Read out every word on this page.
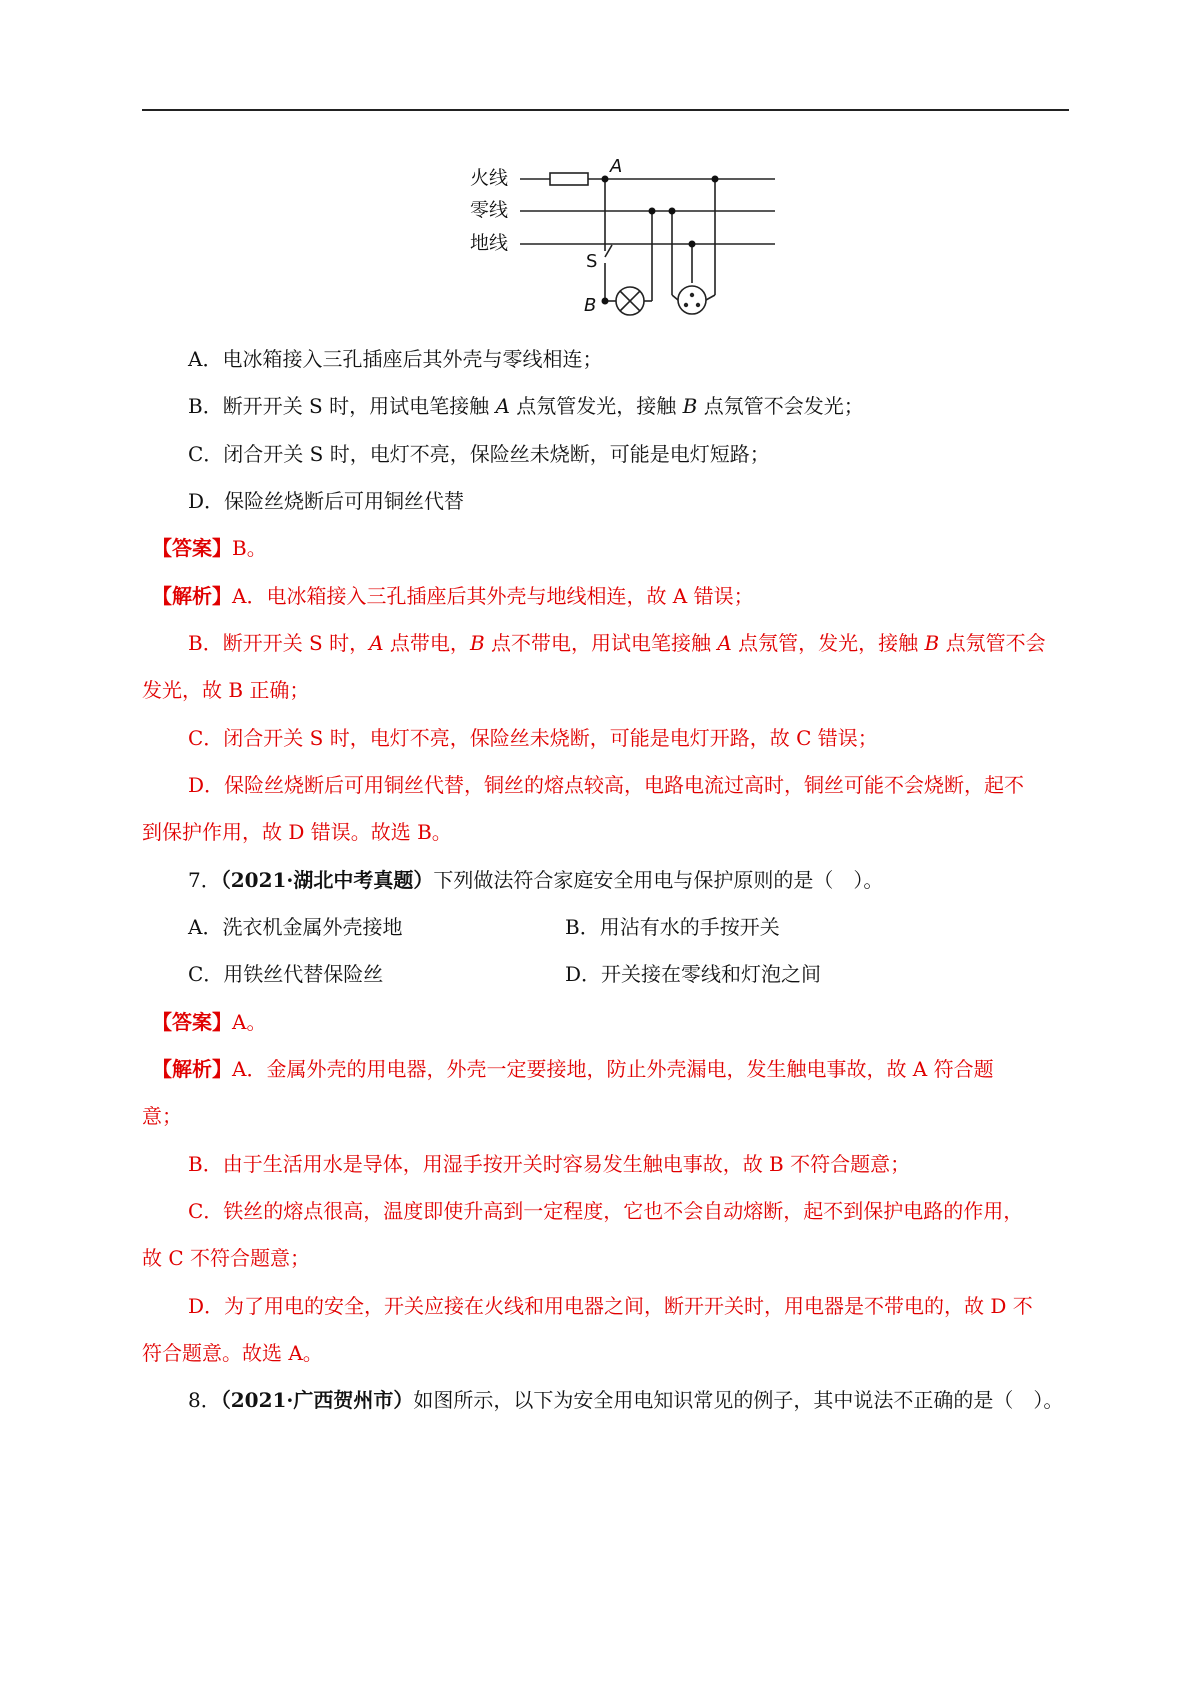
火线
零线
地线
A
S
B
A．电冰箱接入三孔插座后其外壳与零线相连；
B．断开开关 S 时，用试电笔接触 A 点氖管发光，接触 B 点氖管不会发光；
C．闭合开关 S 时，电灯不亮，保险丝未烧断，可能是电灯短路；
D．保险丝烧断后可用铜丝代替
【答案】B。
【解析】A．电冰箱接入三孔插座后其外壳与地线相连，故 A 错误；
B．断开开关 S 时，A 点带电，B 点不带电，用试电笔接触 A 点氖管，发光，接触 B 点氖管不会
发光，故 B 正确；
C．闭合开关 S 时，电灯不亮，保险丝未烧断，可能是电灯开路，故 C 错误；
D．保险丝烧断后可用铜丝代替，铜丝的熔点较高，电路电流过高时，铜丝可能不会烧断，起不
到保护作用，故 D 错误。故选 B。
7．（2021·湖北中考真题）下列做法符合家庭安全用电与保护原则的是（　）。
A．洗衣机金属外壳接地	B．用沾有水的手按开关
C．用铁丝代替保险丝	D．开关接在零线和灯泡之间
【答案】A。
【解析】A．金属外壳的用电器，外壳一定要接地，防止外壳漏电，发生触电事故，故 A 符合题
意；
B．由于生活用水是导体，用湿手按开关时容易发生触电事故，故 B 不符合题意；
C．铁丝的熔点很高，温度即使升高到一定程度，它也不会自动熔断，起不到保护电路的作用，
故 C 不符合题意；
D．为了用电的安全，开关应接在火线和用电器之间，断开开关时，用电器是不带电的，故 D 不
符合题意。故选 A。
8．（2021·广西贺州市）如图所示，以下为安全用电知识常见的例子，其中说法不正确的是（　）。
